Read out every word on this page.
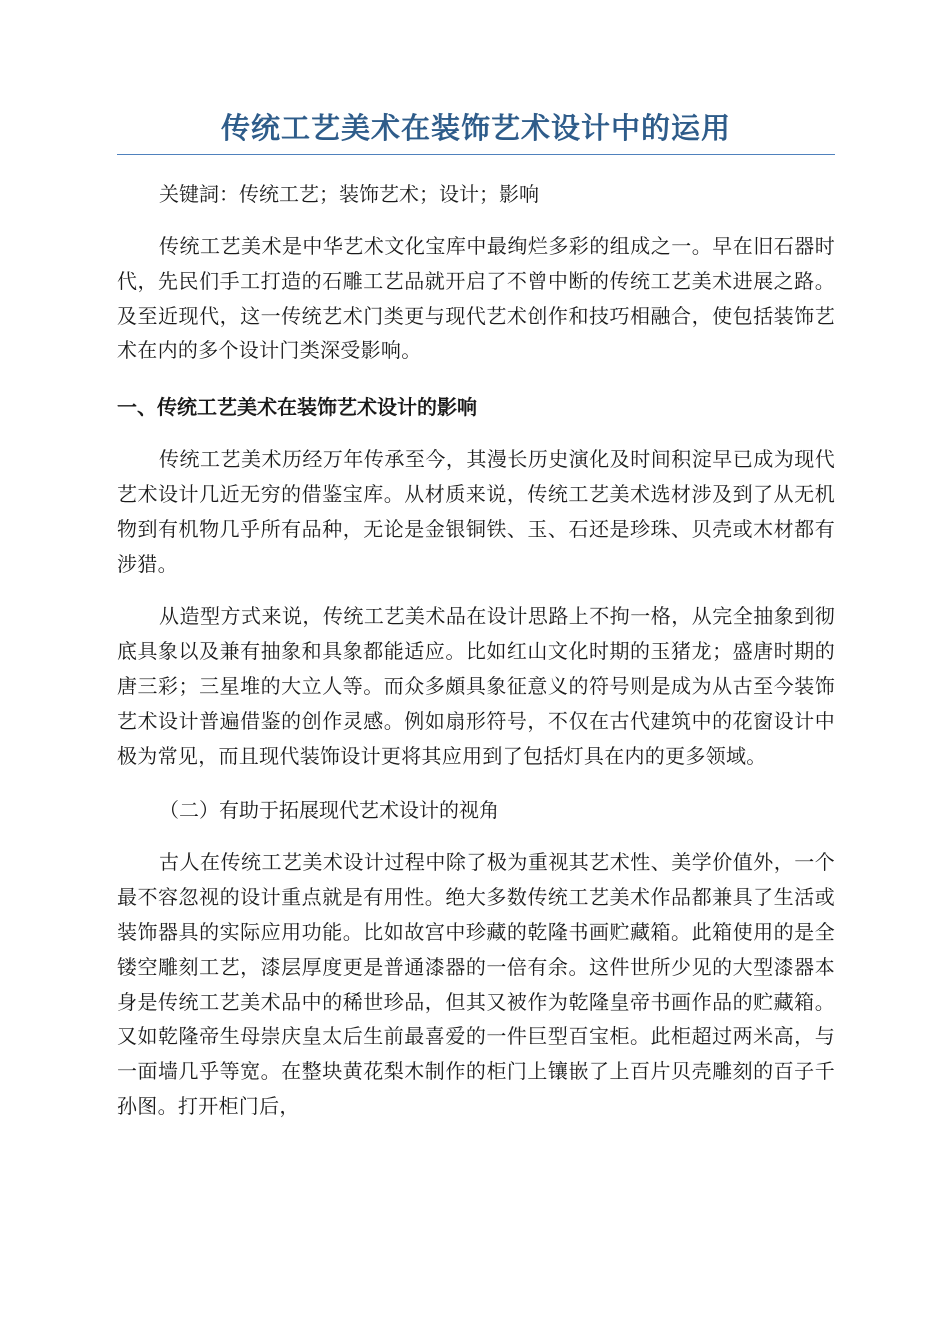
传统工艺美术在装饰艺术设计中的运用

关键詞：传统工艺；装饰艺术；设计；影响

传统工艺美术是中华艺术文化宝库中最绚烂多彩的组成之一。早在旧石器时代，先民们手工打造的石雕工艺品就开启了不曾中断的传统工艺美术进展之路。及至近现代，这一传统艺术门类更与现代艺术创作和技巧相融合，使包括装饰艺术在内的多个设计门类深受影响。

一、传统工艺美术在装饰艺术设计的影响

传统工艺美术历经万年传承至今，其漫长历史演化及时间积淀早已成为现代艺术设计几近无穷的借鉴宝库。从材质来说，传统工艺美术选材涉及到了从无机物到有机物几乎所有品种，无论是金银铜铁、玉、石还是珍珠、贝壳或木材都有涉猎。

从造型方式来说，传统工艺美术品在设计思路上不拘一格，从完全抽象到彻底具象以及兼有抽象和具象都能适应。比如红山文化时期的玉猪龙；盛唐时期的唐三彩；三星堆的大立人等。而众多頗具象征意义的符号则是成为从古至今装饰艺术设计普遍借鉴的创作灵感。例如扇形符号，不仅在古代建筑中的花窗设计中极为常见，而且现代装饰设计更将其应用到了包括灯具在内的更多领域。

（二）有助于拓展现代艺术设计的视角

古人在传统工艺美术设计过程中除了极为重视其艺术性、美学价值外，一个最不容忽视的设计重点就是有用性。绝大多数传统工艺美术作品都兼具了生活或装饰器具的实际应用功能。比如故宫中珍藏的乾隆书画贮藏箱。此箱使用的是全镂空雕刻工艺，漆层厚度更是普通漆器的一倍有余。这件世所少见的大型漆器本身是传统工艺美术品中的稀世珍品，但其又被作为乾隆皇帝书画作品的贮藏箱。又如乾隆帝生母崇庆皇太后生前最喜爱的一件巨型百宝柜。此柜超过两米高，与一面墙几乎等宽。在整块黄花梨木制作的柜门上镶嵌了上百片贝壳雕刻的百子千孙图。打开柜门后，
